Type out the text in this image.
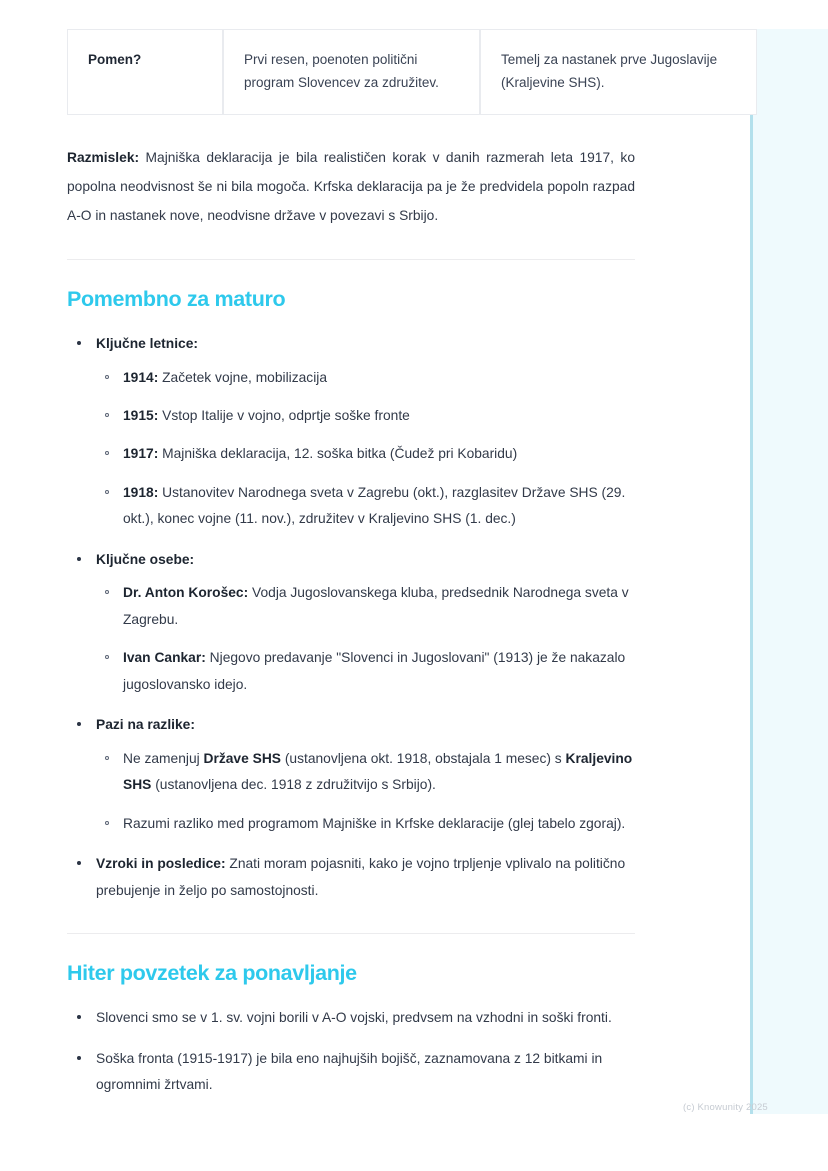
Pomen?	Prvi resen, poenoten politični program Slovencev za združitev.	Temelj za nastanek prve Jugoslavije (Kraljevine SHS).

Razmislek: Majniška deklaracija je bila realističen korak v danih razmerah leta 1917, ko popolna neodvisnost še ni bila mogoča. Krfska deklaracija pa je že predvidela popoln razpad A-O in nastanek nove, neodvisne države v povezavi s Srbijo.

Pomembno za maturo
Ključne letnice:
1914: Začetek vojne, mobilizacija
1915: Vstop Italije v vojno, odprtje soške fronte
1917: Majniška deklaracija, 12. soška bitka (Čudež pri Kobaridu)
1918: Ustanovitev Narodnega sveta v Zagrebu (okt.), razglasitev Države SHS (29. okt.), konec vojne (11. nov.), združitev v Kraljevino SHS (1. dec.)
Ključne osebe:
Dr. Anton Korošec: Vodja Jugoslovanskega kluba, predsednik Narodnega sveta v Zagrebu.
Ivan Cankar: Njegovo predavanje "Slovenci in Jugoslovani" (1913) je že nakazalo jugoslovansko idejo.
Pazi na razlike:
Ne zamenjuj Države SHS (ustanovljena okt. 1918, obstajala 1 mesec) s Kraljevino SHS (ustanovljena dec. 1918 z združitvijo s Srbijo).
Razumi razliko med programom Majniške in Krfske deklaracije (glej tabelo zgoraj).
Vzroki in posledice: Znati moram pojasniti, kako je vojno trpljenje vplivalo na politično prebujenje in željo po samostojnosti.
Hiter povzetek za ponavljanje
Slovenci smo se v 1. sv. vojni borili v A-O vojski, predvsem na vzhodni in soški fronti.
Soška fronta (1915-1917) je bila eno najhujših bojišč, zaznamovana z 12 bitkami in ogromnimi žrtvami.
(c) Knowunity 2025
